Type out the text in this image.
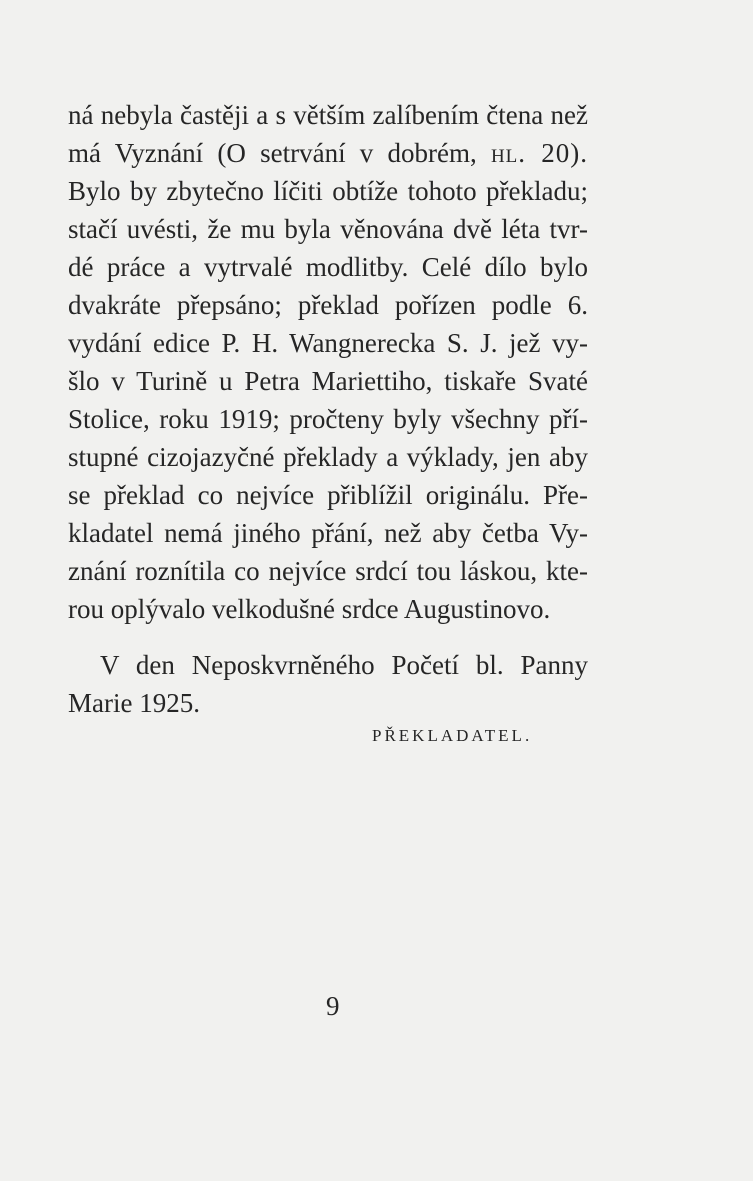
ná nebyla častěji a s větším zalíbením čtena než
má Vyznání (O setrvání v dobrém, hl. 20).
Bylo by zbytečno líčiti obtíže tohoto překladu;
stačí uvésti, že mu byla věnována dvě léta tvr-
dé práce a vytrvalé modlitby. Celé dílo bylo
dvakráte přepsáno; překlad pořízen podle 6.
vydání edice P. H. Wangnerecka S. J. jež vy-
šlo v Turině u Petra Mariettiho, tiskaře Svaté
Stolice, roku 1919; pročteny byly všechny pří-
stupné cizojazyčné překlady a výklady, jen aby
se překlad co nejvíce přiblížil originálu. Pře-
kladatel nemá jiného přání, než aby četba Vy-
znání roznítila co nejvíce srdcí tou láskou, kte-
rou oplývalo velkodušné srdce Augustinovo.
V den Neposkvrněného Početí bl. Panny
Marie 1925.
PŘEKLADATEL.
9
